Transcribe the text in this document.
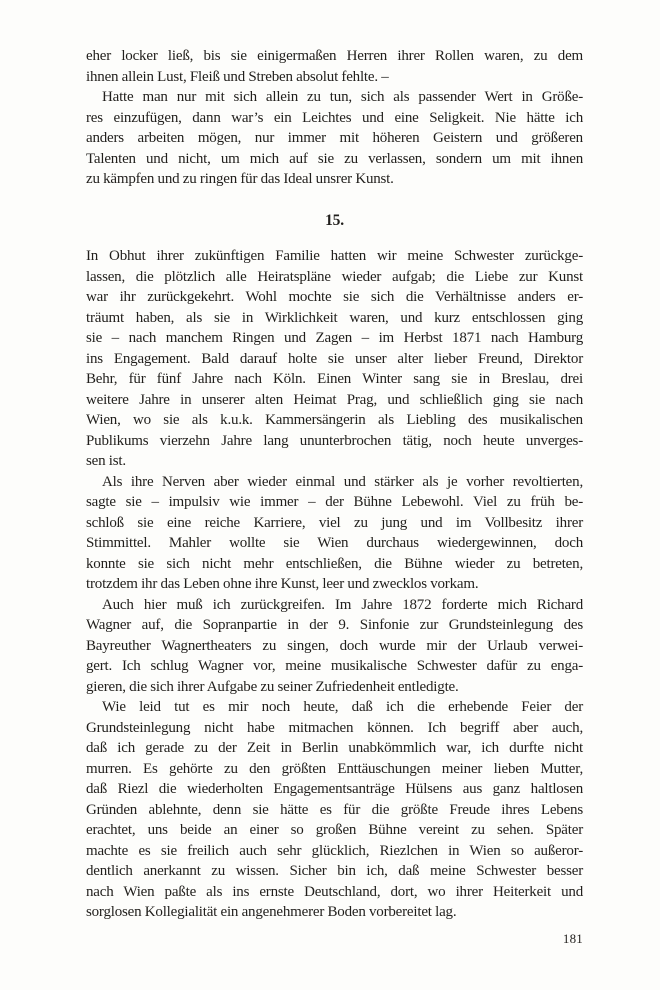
eher locker ließ, bis sie einigermaßen Herren ihrer Rollen waren, zu dem
ihnen allein Lust, Fleiß und Streben absolut fehlte. –
Hatte man nur mit sich allein zu tun, sich als passender Wert in Größe-
res einzufügen, dann war’s ein Leichtes und eine Seligkeit. Nie hätte ich
anders arbeiten mögen, nur immer mit höheren Geistern und größeren
Talenten und nicht, um mich auf sie zu verlassen, sondern um mit ihnen
zu kämpfen und zu ringen für das Ideal unsrer Kunst.
15.
In Obhut ihrer zukünftigen Familie hatten wir meine Schwester zurückge-
lassen, die plötzlich alle Heiratspläne wieder aufgab; die Liebe zur Kunst
war ihr zurückgekehrt. Wohl mochte sie sich die Verhältnisse anders er-
träumt haben, als sie in Wirklichkeit waren, und kurz entschlossen ging
sie – nach manchem Ringen und Zagen – im Herbst 1871 nach Hamburg
ins Engagement. Bald darauf holte sie unser alter lieber Freund, Direktor
Behr, für fünf Jahre nach Köln. Einen Winter sang sie in Breslau, drei
weitere Jahre in unserer alten Heimat Prag, und schließlich ging sie nach
Wien, wo sie als k.u.k. Kammersängerin als Liebling des musikalischen
Publikums vierzehn Jahre lang ununterbrochen tätig, noch heute unverges-
sen ist.
Als ihre Nerven aber wieder einmal und stärker als je vorher revoltierten,
sagte sie – impulsiv wie immer – der Bühne Lebewohl. Viel zu früh be-
schloß sie eine reiche Karriere, viel zu jung und im Vollbesitz ihrer
Stimmittel. Mahler wollte sie Wien durchaus wiedergewinnen, doch
konnte sie sich nicht mehr entschließen, die Bühne wieder zu betreten,
trotzdem ihr das Leben ohne ihre Kunst, leer und zwecklos vorkam.
Auch hier muß ich zurückgreifen. Im Jahre 1872 forderte mich Richard
Wagner auf, die Sopranpartie in der 9. Sinfonie zur Grundsteinlegung des
Bayreuther Wagnertheaters zu singen, doch wurde mir der Urlaub verwei-
gert. Ich schlug Wagner vor, meine musikalische Schwester dafür zu enga-
gieren, die sich ihrer Aufgabe zu seiner Zufriedenheit entledigte.
Wie leid tut es mir noch heute, daß ich die erhebende Feier der
Grundsteinlegung nicht habe mitmachen können. Ich begriff aber auch,
daß ich gerade zu der Zeit in Berlin unabkömmlich war, ich durfte nicht
murren. Es gehörte zu den größten Enttäuschungen meiner lieben Mutter,
daß Riezl die wiederholten Engagementsanträge Hülsens aus ganz haltlosen
Gründen ablehnte, denn sie hätte es für die größte Freude ihres Lebens
erachtet, uns beide an einer so großen Bühne vereint zu sehen. Später
machte es sie freilich auch sehr glücklich, Riezlchen in Wien so außeror-
dentlich anerkannt zu wissen. Sicher bin ich, daß meine Schwester besser
nach Wien paßte als ins ernste Deutschland, dort, wo ihrer Heiterkeit und
sorglosen Kollegialität ein angenehmerer Boden vorbereitet lag.
181
